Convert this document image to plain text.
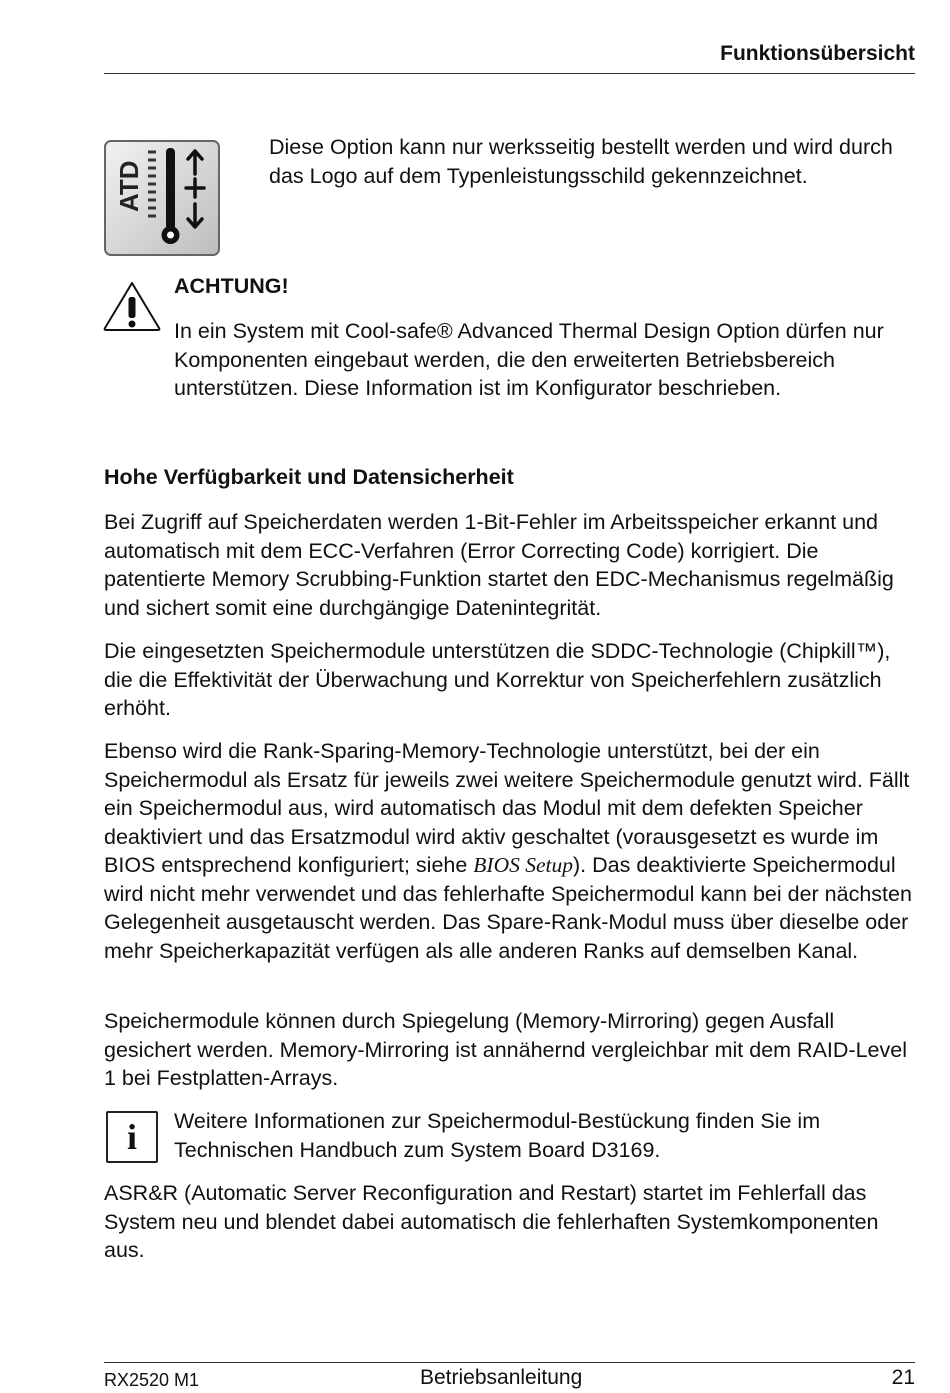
Funktionsübersicht
ATD
Diese Option kann nur werksseitig bestellt werden und wird durch das Logo auf dem Typenleistungsschild gekennzeichnet.
ACHTUNG!
In ein System mit Cool-safe® Advanced Thermal Design Option dürfen nur Komponenten eingebaut werden, die den erweiterten Betriebsbereich unterstützen. Diese Information ist im Konfigurator beschrieben.
Hohe Verfügbarkeit und Datensicherheit

Bei Zugriff auf Speicherdaten werden 1-Bit-Fehler im Arbeitsspeicher erkannt und automatisch mit dem ECC-Verfahren (Error Correcting Code) korrigiert. Die patentierte Memory Scrubbing-Funktion startet den EDC-Mechanismus regelmäßig und sichert somit eine durchgängige Datenintegrität.

Die eingesetzten Speichermodule unterstützen die SDDC-Technologie (Chipkill™), die die Effektivität der Überwachung und Korrektur von Speicherfehlern zusätzlich erhöht.

Ebenso wird die Rank-Sparing-Memory-Technologie unterstützt, bei der ein Speichermodul als Ersatz für jeweils zwei weitere Speichermodule genutzt wird. Fällt ein Speichermodul aus, wird automatisch das Modul mit dem defekten Speicher deaktiviert und das Ersatzmodul wird aktiv geschaltet (vorausgesetzt es wurde im BIOS entsprechend konfiguriert; siehe BIOS Setup). Das deaktivierte Speichermodul wird nicht mehr verwendet und das fehlerhafte Speichermodul kann bei der nächsten Gelegenheit ausgetauscht werden. Das Spare-Rank-Modul muss über dieselbe oder mehr Speicherkapazität verfügen als alle anderen Ranks auf demselben Kanal.

Speichermodule können durch Spiegelung (Memory-Mirroring) gegen Ausfall gesichert werden. Memory-Mirroring ist annähernd vergleichbar mit dem RAID-Level 1 bei Festplatten-Arrays.

i Weitere Informationen zur Speichermodul-Bestückung finden Sie im Technischen Handbuch zum System Board D3169.

ASR&R (Automatic Server Reconfiguration and Restart) startet im Fehlerfall das System neu und blendet dabei automatisch die fehlerhaften Systemkomponenten aus.

RX2520 M1	Betriebsanleitung	21
